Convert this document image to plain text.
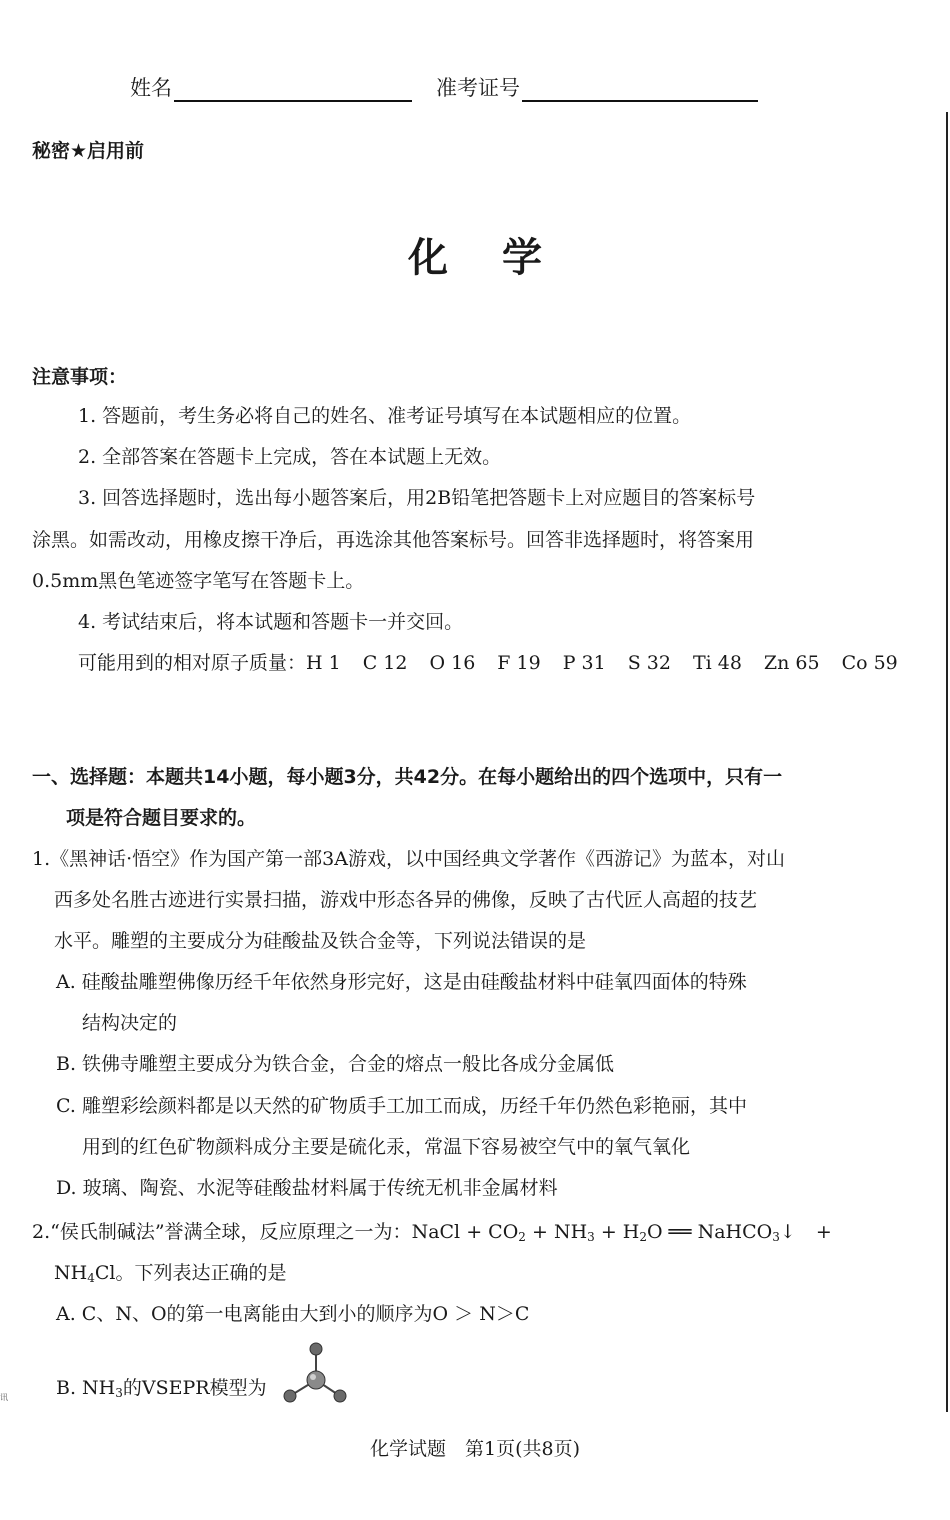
讯
姓名	准考证号
秘密★启用前
化学
注意事项：
1. 答题前，考生务必将自己的姓名、准考证号填写在本试题相应的位置。
2. 全部答案在答题卡上完成，答在本试题上无效。
3. 回答选择题时，选出每小题答案后，用2B铅笔把答题卡上对应题目的答案标号
涂黑。如需改动，用橡皮擦干净后，再选涂其他答案标号。回答非选择题时，将答案用
0.5mm黑色笔迹签字笔写在答题卡上。
4. 考试结束后，将本试题和答题卡一并交回。
可能用到的相对原子质量： H 1 C 12 O 16 F 19 P 31 S 32 Ti 48 Zn 65 Co 59
一、选择题：本题共14小题，每小题3分，共42分。在每小题给出的四个选项中，只有一
项是符合题目要求的。
1.《黑神话·悟空》作为国产第一部3A游戏，以中国经典文学著作《西游记》为蓝本，对山
西多处名胜古迹进行实景扫描，游戏中形态各异的佛像，反映了古代匠人高超的技艺
水平。雕塑的主要成分为硅酸盐及铁合金等，下列说法错误的是
A. 硅酸盐雕塑佛像历经千年依然身形完好，这是由硅酸盐材料中硅氧四面体的特殊
结构决定的
B. 铁佛寺雕塑主要成分为铁合金，合金的熔点一般比各成分金属低
C. 雕塑彩绘颜料都是以天然的矿物质手工加工而成，历经千年仍然色彩艳丽，其中
用到的红色矿物颜料成分主要是硫化汞，常温下容易被空气中的氧气氧化
D. 玻璃、陶瓷、水泥等硅酸盐材料属于传统无机非金属材料
2.“侯氏制碱法”誉满全球，反应原理之一为：NaCl + $CO_2 + NH_3 + H_2O$ ══ NaHCO$_3$↓ +
$NH_4Cl$。下列表达正确的是
A. C、N、O的第一电离能由大到小的顺序为O ＞ N＞C
B. $NH_3$的VSEPR模型为
化学试题　第1页(共8页)
